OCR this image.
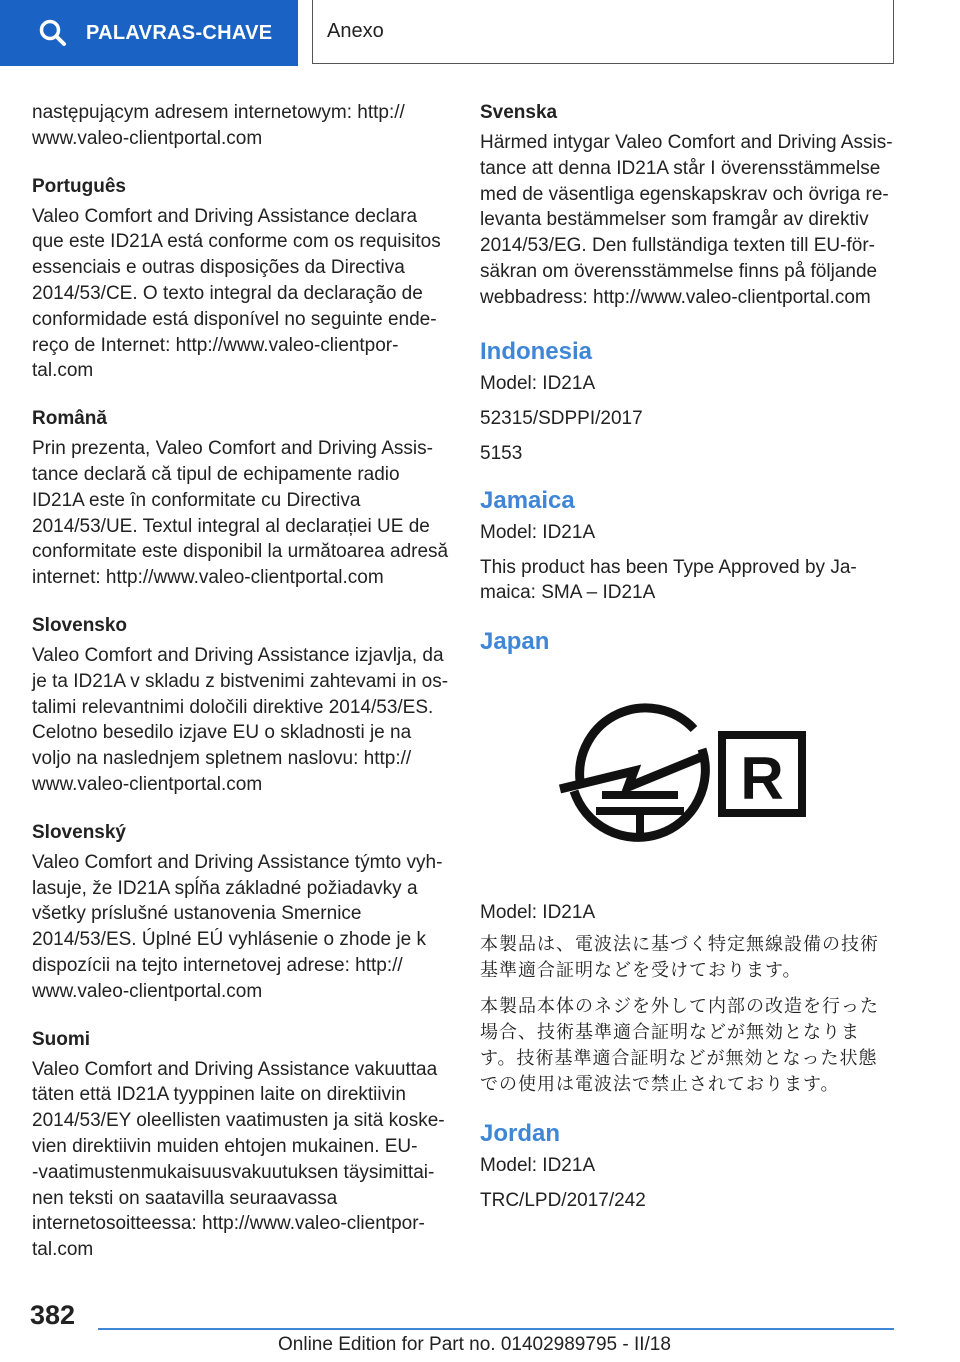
PALAVRAS-CHAVE	Anexo

następującym adresem internetowym: http://
www.valeo-clientportal.com

Português

Valeo Comfort and Driving Assistance declara
que este ID21A está conforme com os requisitos
essenciais e outras disposições da Directiva
2014/53/CE. O texto integral da declaração de
conformidade está disponível no seguinte ende-
reço de Internet: http://www.valeo-clientpor-
tal.com

Română

Prin prezenta, Valeo Comfort and Driving Assis-
tance declară că tipul de echipamente radio
ID21A este în conformitate cu Directiva
2014/53/UE. Textul integral al declarației UE de
conformitate este disponibil la următoarea adresă
internet: http://www.valeo-clientportal.com

Slovensko

Valeo Comfort and Driving Assistance izjavlja, da
je ta ID21A v skladu z bistvenimi zahtevami in os-
talimi relevantnimi določili direktive 2014/53/ES.
Celotno besedilo izjave EU o skladnosti je na
voljo na naslednjem spletnem naslovu: http://
www.valeo-clientportal.com

Slovenský

Valeo Comfort and Driving Assistance týmto vyh-
lasuje, že ID21A spĺňa základné požiadavky a
všetky príslušné ustanovenia Smernice
2014/53/ES. Úplné EÚ vyhlásenie o zhode je k
dispozícii na tejto internetovej adrese: http://
www.valeo-clientportal.com

Suomi

Valeo Comfort and Driving Assistance vakuuttaa
täten että ID21A tyyppinen laite on direktiivin
2014/53/EY oleellisten vaatimusten ja sitä koske-
vien direktiivin muiden ehtojen mukainen. EU-
-vaatimustenmukaisuusvakuutuksen täysimittai-
nen teksti on saatavilla seuraavassa
internetosoitteessa: http://www.valeo-clientpor-
tal.com

Svenska

Härmed intygar Valeo Comfort and Driving Assis-
tance att denna ID21A står I överensstämmelse
med de väsentliga egenskapskrav och övriga re-
levanta bestämmelser som framgår av direktiv
2014/53/EG. Den fullständiga texten till EU-för-
säkran om överensstämmelse finns på följande
webbadress: http://www.valeo-clientportal.com

Indonesia

Model: ID21A

52315/SDPPI/2017

5153

Jamaica

Model: ID21A

This product has been Type Approved by Ja-
maica: SMA – ID21A

Japan
R

Model: ID21A

本製品は、電波法に基づく特定無線設備の技術
基準適合証明などを受けております。

本製品本体のネジを外して内部の改造を行った
場合、技術基準適合証明などが無効となりま
す。技術基準適合証明などが無効となった状態
での使用は電波法で禁止されております。

Jordan

Model: ID21A

TRC/LPD/2017/242

382
Online Edition for Part no. 01402989795 - II/18
